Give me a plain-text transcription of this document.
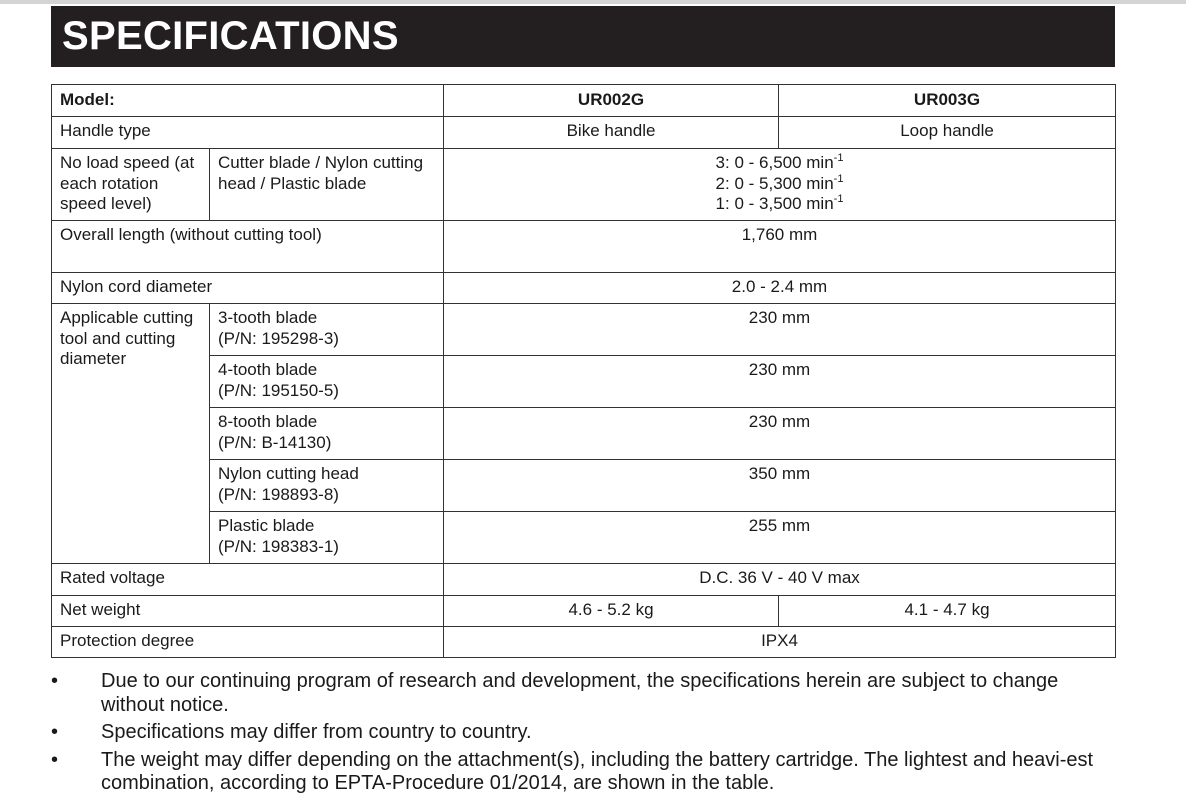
SPECIFICATIONS
Model:		UR002G	UR003G
Handle type		Bike handle	Loop handle
No load speed (at each rotation speed level)	Cutter blade / Nylon cutting head / Plastic blade	3: 0 - 6,500 $\min^{-1}$
2: 0 - 5,300 $\min^{-1}$
1: 0 - 3,500 $\min^{-1}$

Overall length (without cutting tool)		1,760 mm	
Nylon cord diameter		2.0 - 2.4 mm	
Applicable cutting tool and cutting diameter	3-tooth blade
(P/N: 195298-3)	230 mm	

	4-tooth blade
(P/N: 195150-5)	230 mm	

	8-tooth blade
(P/N: B-14130)	230 mm	

	Nylon cutting head
(P/N: 198893-8)	350 mm	

	Plastic blade
(P/N: 198383-1)	255 mm	
Rated voltage		D.C. 36 V - 40 V max	
Net weight		4.6 - 5.2 kg	4.1 - 4.7 kg
Protection degree		IPX4	
• Due to our continuing program of research and development, the specifications herein are subject to change without notice.
• Specifications may differ from country to country.
• The weight may differ depending on the attachment(s), including the battery cartridge. The lightest and heavi-est combination, according to EPTA-Procedure 01/2014, are shown in the table.
